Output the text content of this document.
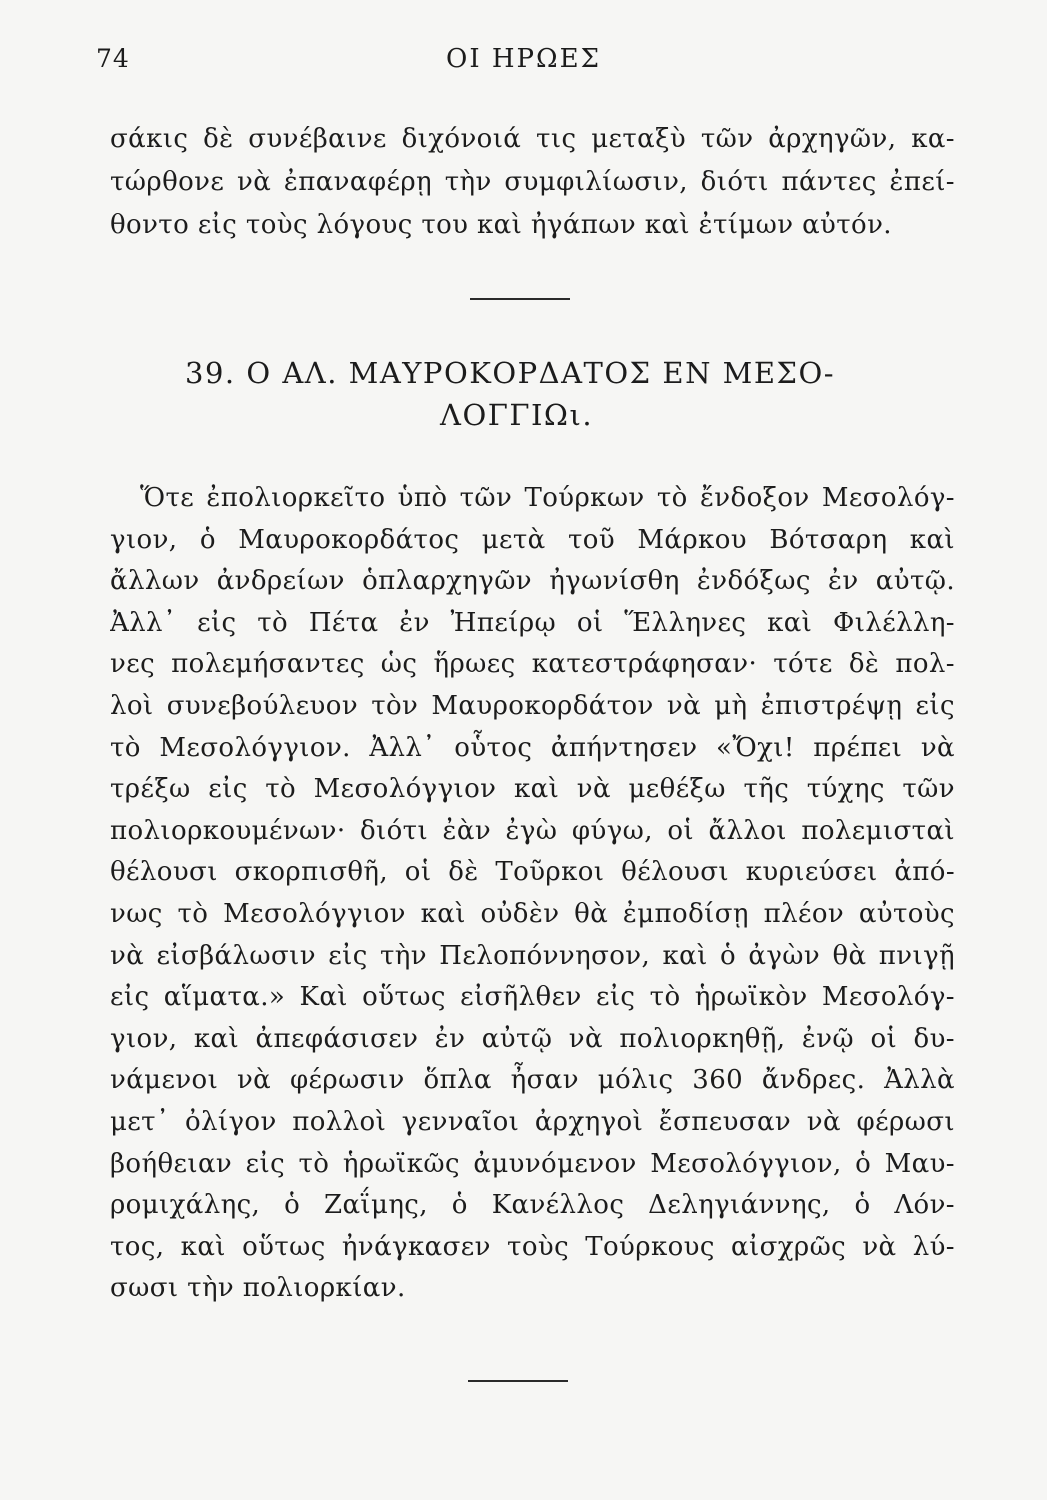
74	ΟΙ ΗΡΩΕΣ
σάκις δὲ συνέβαινε διχόνοιά τις μεταξὺ τῶν ἀρχηγῶν, κα-
τώρθονε νὰ ἐπαναφέρῃ τὴν συμφιλίωσιν, διότι πάντες ἐπεί-
θοντο εἰς τοὺς λόγους του καὶ ἠγάπων καὶ ἐτίμων αὐτόν.
39. Ο ΑΛ. ΜΑΥΡΟΚΟΡΔΑΤΟΣ ΕΝ ΜΕΣΟ-
ΛΟΓΓΙΩι.
Ὅτε ἐπολιορκεῖτο ὑπὸ τῶν Τούρκων τὸ ἔνδοξον Μεσολόγ-
γιον, ὁ Μαυροκορδάτος μετὰ τοῦ Μάρκου Βότσαρη καὶ
ἄλλων ἀνδρείων ὁπλαρχηγῶν ἠγωνίσθη ἐνδόξως ἐν αὐτῷ.
Ἀλλ᾽ εἰς τὸ Πέτα ἐν Ἠπείρῳ οἱ Ἕλληνες καὶ Φιλέλλη-
νες πολεμήσαντες ὡς ἥρωες κατεστράφησαν· τότε δὲ πολ-
λοὶ συνεβούλευον τὸν Μαυροκορδάτον νὰ μὴ ἐπιστρέψῃ εἰς
τὸ Μεσολόγγιον. Ἀλλ᾽ οὗτος ἀπήντησεν «Ὄχι! πρέπει νὰ
τρέξω εἰς τὸ Μεσολόγγιον καὶ νὰ μεθέξω τῆς τύχης τῶν
πολιορκουμένων· διότι ἐὰν ἐγὼ φύγω, οἱ ἄλλοι πολεμισταὶ
θέλουσι σκορπισθῆ, οἱ δὲ Τοῦρκοι θέλουσι κυριεύσει ἀπό-
νως τὸ Μεσολόγγιον καὶ οὐδὲν θὰ ἐμποδίσῃ πλέον αὐτοὺς
νὰ εἰσβάλωσιν εἰς τὴν Πελοπόννησον, καὶ ὁ ἀγὼν θὰ πνιγῇ
εἰς αἵματα.» Καὶ οὕτως εἰσῆλθεν εἰς τὸ ἡρωϊκὸν Μεσολόγ-
γιον, καὶ ἀπεφάσισεν ἐν αὐτῷ νὰ πολιορκηθῇ, ἐνῷ οἱ δυ-
νάμενοι νὰ φέρωσιν ὅπλα ἦσαν μόλις 360 ἄνδρες. Ἀλλὰ
μετ᾽ ὀλίγον πολλοὶ γενναῖοι ἀρχηγοὶ ἔσπευσαν νὰ φέρωσι
βοήθειαν εἰς τὸ ἡρωϊκῶς ἀμυνόμενον Μεσολόγγιον, ὁ Μαυ-
ρομιχάλης, ὁ Ζαΐμης, ὁ Κανέλλος Δεληγιάννης, ὁ Λόν-
τος, καὶ οὕτως ἠνάγκασεν τοὺς Τούρκους αἰσχρῶς νὰ λύ-
σωσι τὴν πολιορκίαν.
